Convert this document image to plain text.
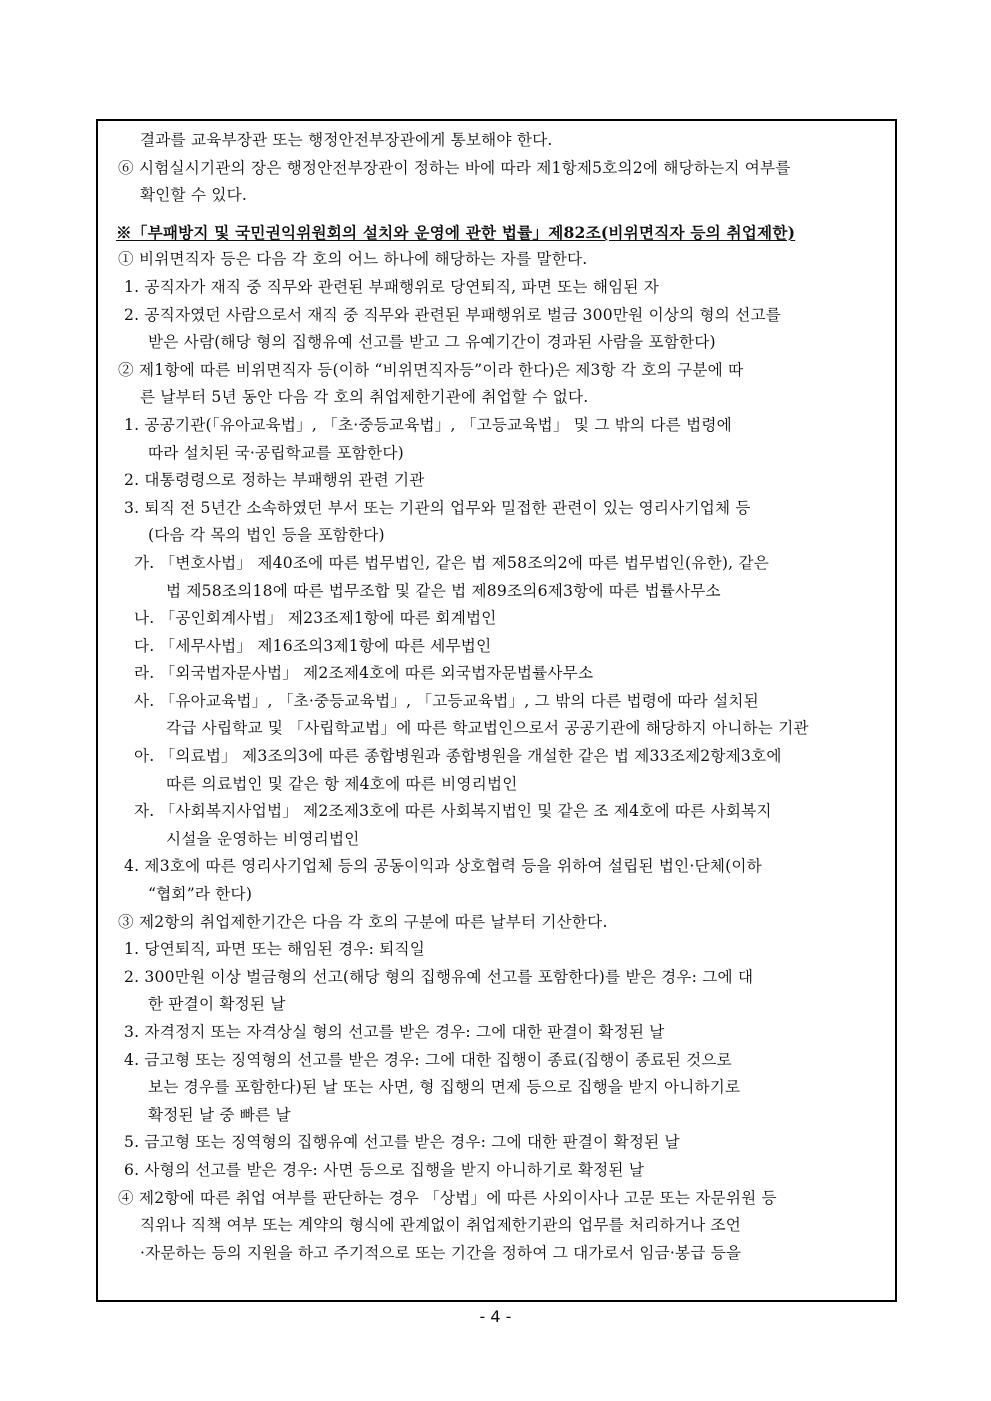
결과를 교육부장관 또는 행정안전부장관에게 통보해야 한다.
⑥ 시험실시기관의 장은 행정안전부장관이 정하는 바에 따라 제1항제5호의2에 해당하는지 여부를
확인할 수 있다.
※「부패방지 및 국민권익위원회의 설치와 운영에 관한 법률」제82조(비위면직자 등의 취업제한)
① 비위면직자 등은 다음 각 호의 어느 하나에 해당하는 자를 말한다.
1. 공직자가 재직 중 직무와 관련된 부패행위로 당연퇴직, 파면 또는 해임된 자
2. 공직자였던 사람으로서 재직 중 직무와 관련된 부패행위로 벌금 300만원 이상의 형의 선고를
받은 사람(해당 형의 집행유예 선고를 받고 그 유예기간이 경과된 사람을 포함한다)
② 제1항에 따른 비위면직자 등(이하 “비위면직자등”이라 한다)은 제3항 각 호의 구분에 따
른 날부터 5년 동안 다음 각 호의 취업제한기관에 취업할 수 없다.
1. 공공기관(「유아교육법」, 「초·중등교육법」, 「고등교육법」 및 그 밖의 다른 법령에
따라 설치된 국·공립학교를 포함한다)
2. 대통령령으로 정하는 부패행위 관련 기관
3. 퇴직 전 5년간 소속하였던 부서 또는 기관의 업무와 밀접한 관련이 있는 영리사기업체 등
(다음 각 목의 법인 등을 포함한다)
가. 「변호사법」 제40조에 따른 법무법인, 같은 법 제58조의2에 따른 법무법인(유한), 같은
법 제58조의18에 따른 법무조합 및 같은 법 제89조의6제3항에 따른 법률사무소
나. 「공인회계사법」 제23조제1항에 따른 회계법인
다. 「세무사법」 제16조의3제1항에 따른 세무법인
라. 「외국법자문사법」 제2조제4호에 따른 외국법자문법률사무소
사. 「유아교육법」, 「초·중등교육법」, 「고등교육법」, 그 밖의 다른 법령에 따라 설치된
각급 사립학교 및 「사립학교법」에 따른 학교법인으로서 공공기관에 해당하지 아니하는 기관
아. 「의료법」 제3조의3에 따른 종합병원과 종합병원을 개설한 같은 법 제33조제2항제3호에
따른 의료법인 및 같은 항 제4호에 따른 비영리법인
자. 「사회복지사업법」 제2조제3호에 따른 사회복지법인 및 같은 조 제4호에 따른 사회복지
시설을 운영하는 비영리법인
4. 제3호에 따른 영리사기업체 등의 공동이익과 상호협력 등을 위하여 설립된 법인·단체(이하
“협회”라 한다)
③ 제2항의 취업제한기간은 다음 각 호의 구분에 따른 날부터 기산한다.
1. 당연퇴직, 파면 또는 해임된 경우: 퇴직일
2. 300만원 이상 벌금형의 선고(해당 형의 집행유예 선고를 포함한다)를 받은 경우: 그에 대
한 판결이 확정된 날
3. 자격정지 또는 자격상실 형의 선고를 받은 경우: 그에 대한 판결이 확정된 날
4. 금고형 또는 징역형의 선고를 받은 경우: 그에 대한 집행이 종료(집행이 종료된 것으로
보는 경우를 포함한다)된 날 또는 사면, 형 집행의 면제 등으로 집행을 받지 아니하기로
확정된 날 중 빠른 날
5. 금고형 또는 징역형의 집행유예 선고를 받은 경우: 그에 대한 판결이 확정된 날
6. 사형의 선고를 받은 경우: 사면 등으로 집행을 받지 아니하기로 확정된 날
④ 제2항에 따른 취업 여부를 판단하는 경우 「상법」에 따른 사외이사나 고문 또는 자문위원 등
직위나 직책 여부 또는 계약의 형식에 관계없이 취업제한기관의 업무를 처리하거나 조언
·자문하는 등의 지원을 하고 주기적으로 또는 기간을 정하여 그 대가로서 임금·봉급 등을
- 4 -
